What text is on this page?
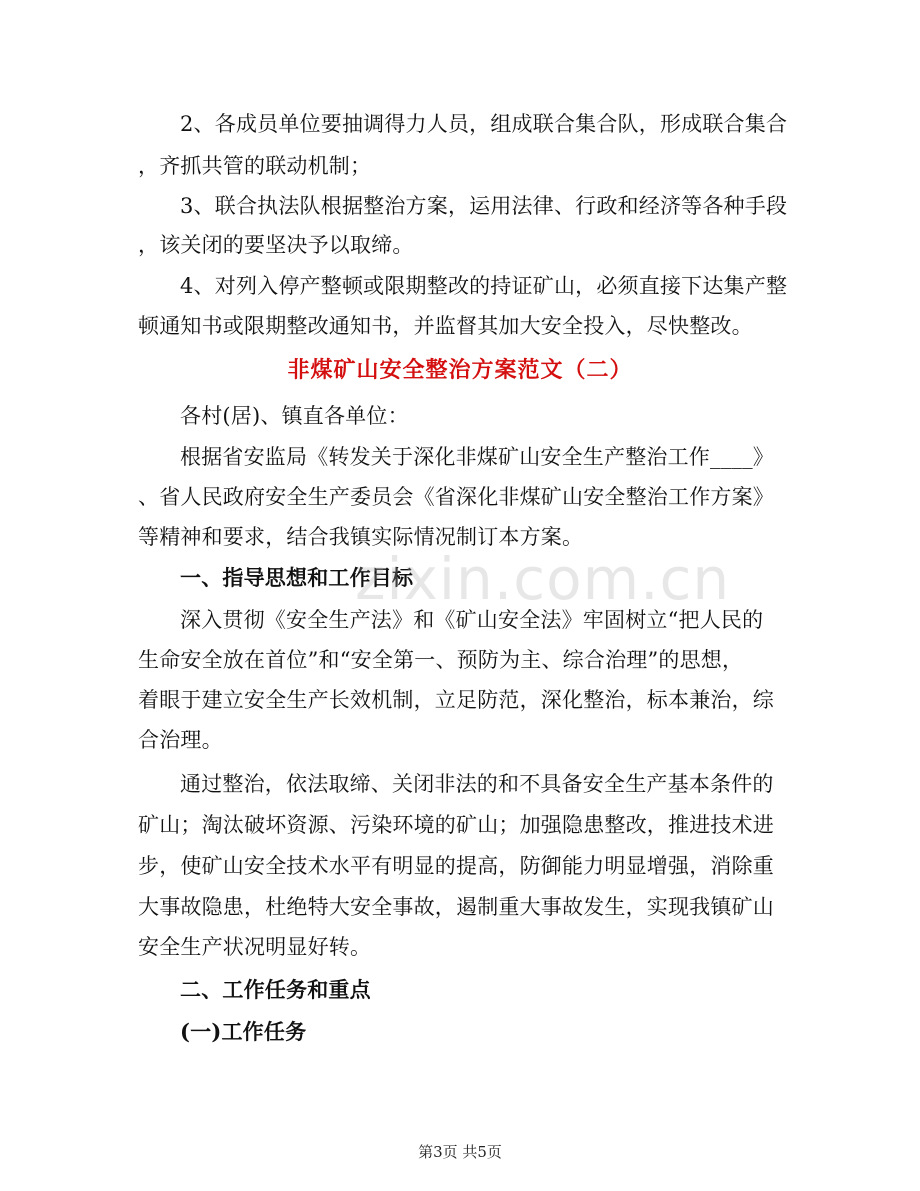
2、各成员单位要抽调得力人员，组成联合集合队，形成联合集合
，齐抓共管的联动机制；
3、联合执法队根据整治方案，运用法律、行政和经济等各种手段
，该关闭的要坚决予以取缔。
4、对列入停产整顿或限期整改的持证矿山，必须直接下达集产整
顿通知书或限期整改通知书，并监督其加大安全投入，尽快整改。
非煤矿山安全整治方案范文（二）
各村(居)、镇直各单位：
根据省安监局《转发关于深化非煤矿山安全生产整治工作____》
、省人民政府安全生产委员会《省深化非煤矿山安全整治工作方案》
等精神和要求，结合我镇实际情况制订本方案。
一、指导思想和工作目标
深入贯彻《安全生产法》和《矿山安全法》牢固树立“把人民的
生命安全放在首位”和“安全第一、预防为主、综合治理”的思想，
着眼于建立安全生产长效机制，立足防范，深化整治，标本兼治，综
合治理。
通过整治，依法取缔、关闭非法的和不具备安全生产基本条件的
矿山；淘汰破坏资源、污染环境的矿山；加强隐患整改，推进技术进
步，使矿山安全技术水平有明显的提高，防御能力明显增强，消除重
大事故隐患，杜绝特大安全事故，遏制重大事故发生，实现我镇矿山
安全生产状况明显好转。
二、工作任务和重点
(一)工作任务
zixin.com.cn
第3页 共5页
